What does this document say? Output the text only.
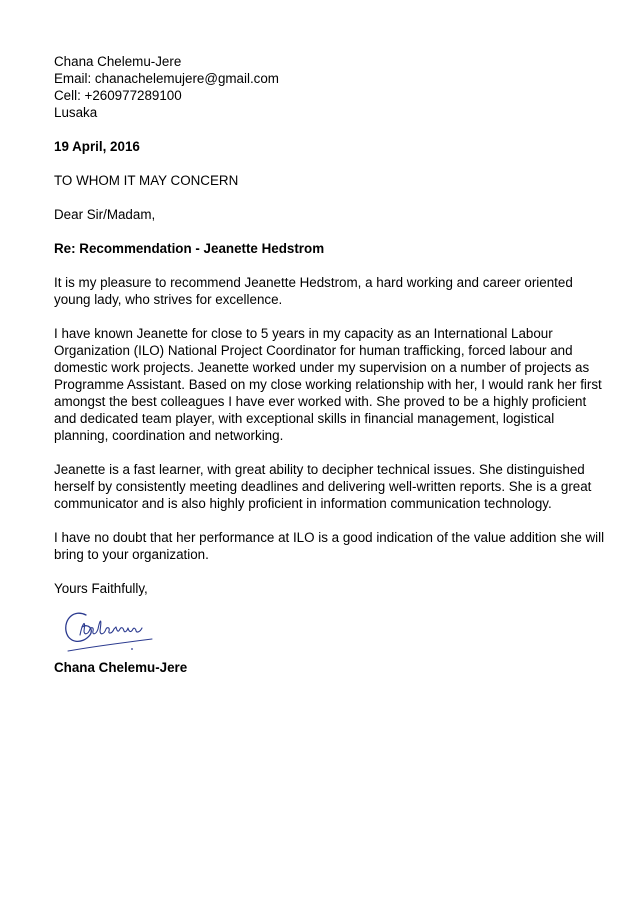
Chana Chelemu-Jere
Email: chanachelemujere@gmail.com
Cell: +260977289100
Lusaka
19 April, 2016
TO WHOM IT MAY CONCERN
Dear Sir/Madam,
Re: Recommendation - Jeanette Hedstrom
It is my pleasure to recommend Jeanette Hedstrom, a hard working and career oriented
young lady, who strives for excellence.
I have known Jeanette for close to 5 years in my capacity as an International Labour
Organization (ILO) National Project Coordinator for human trafficking, forced labour and
domestic work projects. Jeanette worked under my supervision on a number of projects as
Programme Assistant. Based on my close working relationship with her, I would rank her first
amongst the best colleagues I have ever worked with. She proved to be a highly proficient
and dedicated team player, with exceptional skills in financial management, logistical
planning, coordination and networking.
Jeanette is a fast learner, with great ability to decipher technical issues. She distinguished
herself by consistently meeting deadlines and delivering well-written reports. She is a great
communicator and is also highly proficient in information communication technology.
I have no doubt that her performance at ILO is a good indication of the value addition she will
bring to your organization.
Yours Faithfully,
Chana Chelemu-Jere
